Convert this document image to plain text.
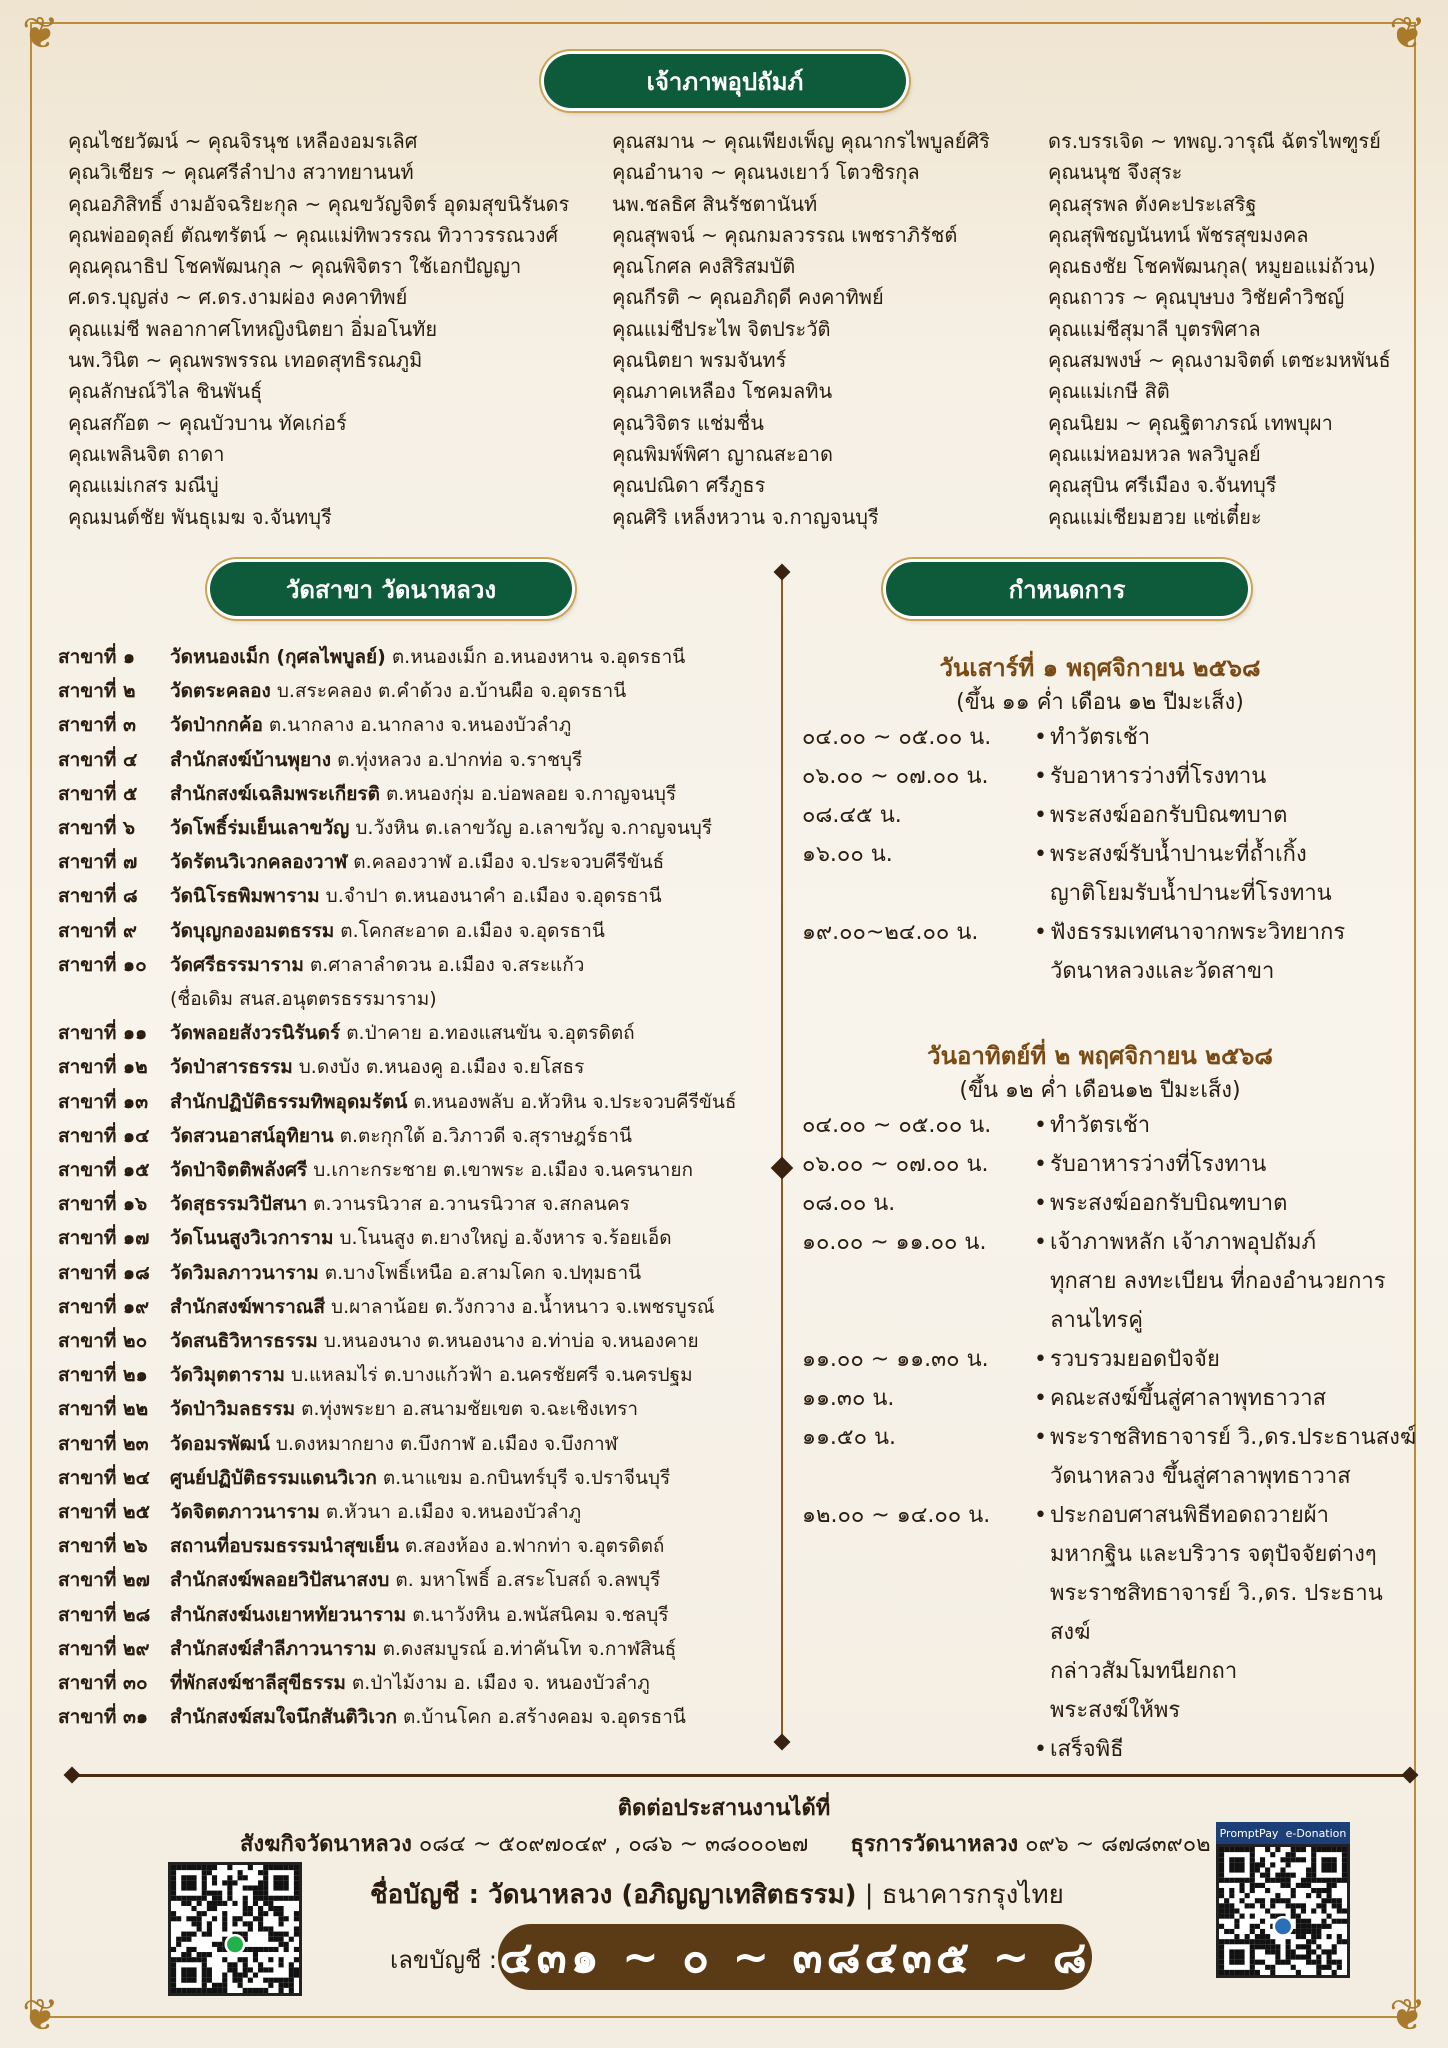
❦	❦
❦	❦
เจ้าภาพอุปถัมภ์
คุณไชยวัฒน์ ~ คุณจิรนุช เหลืองอมรเลิศ
คุณวิเชียร ~ คุณศรีลำปาง สวาทยานนท์
คุณอภิสิทธิ์ งามอัจฉริยะกุล ~ คุณขวัญจิตร์ อุดมสุขนิรันดร
คุณพ่ออดุลย์ ตัณฑรัตน์ ~ คุณแม่ทิพวรรณ ทิวาวรรณวงศ์
คุณคุณาธิป โชคพัฒนกุล ~ คุณพิจิตรา ใช้เอกปัญญา
ศ.ดร.บุญส่ง ~ ศ.ดร.งามผ่อง คงคาทิพย์
คุณแม่ชี พลอากาศโทหญิงนิตยา อิ่มอโนทัย
นพ.วินิต ~ คุณพรพรรณ เทอดสุทธิรณภูมิ
คุณลักษณ์วิไล ชินพันธุ์
คุณสก๊อต ~ คุณบัวบาน ทัคเก่อร์
คุณเพลินจิต ถาดา
คุณแม่เกสร มณีบู่
คุณมนต์ชัย พันธุเมฆ จ.จันทบุรี
คุณสมาน ~ คุณเพียงเพ็ญ คุณากรไพบูลย์ศิริ
คุณอำนาจ ~ คุณนงเยาว์ โตวชิรกุล
นพ.ชลธิศ สินรัชตานันท์
คุณสุพจน์ ~ คุณกมลวรรณ เพชราภิรัชต์
คุณโกศล คงสิริสมบัติ
คุณกีรติ ~ คุณอภิฤดี คงคาทิพย์
คุณแม่ชีประไพ จิตประวัติ
คุณนิตยา พรมจันทร์
คุณภาคเหลือง โชคมลทิน
คุณวิจิตร แช่มชื่น
คุณพิมพ์พิศา ญาณสะอาด
คุณปณิดา ศรีภูธร
คุณศิริ เหล็งหวาน จ.กาญจนบุรี
ดร.บรรเจิด ~ ทพญ.วารุณี ฉัตรไพฑูรย์
คุณนนุช จึงสุระ
คุณสุรพล ตังคะประเสริฐ
คุณสุพิชญนันทน์ พัชรสุขมงคล
คุณธงชัย โชคพัฒนกุล( หมูยอแม่ถ้วน)
คุณถาวร ~ คุณบุษบง วิชัยคำวิชญ์
คุณแม่ชีสุมาลี บุตรพิศาล
คุณสมพงษ์ ~ คุณงามจิตต์ เตชะมหพันธ์
คุณแม่เกษี สิติ
คุณนิยม ~ คุณฐิตาภรณ์ เทพบุผา
คุณแม่หอมหวล พลวิบูลย์
คุณสุบิน ศรีเมือง จ.จันทบุรี
คุณแม่เชียมฮวย แซ่เตี๋ยะ
วัดสาขา วัดนาหลวง
สาขาที่ ๑	วัดหนองเม็ก (กุศลไพบูลย์) ต.หนองเม็ก อ.หนองหาน จ.อุดรธานี
สาขาที่ ๒	วัดตระคลอง บ.สระคลอง ต.คำด้วง อ.บ้านผือ จ.อุดรธานี
สาขาที่ ๓	วัดป่ากกค้อ ต.นากลาง อ.นากลาง จ.หนองบัวลำภู
สาขาที่ ๔	สำนักสงฆ์บ้านพุยาง ต.ทุ่งหลวง อ.ปากท่อ จ.ราชบุรี
สาขาที่ ๕	สำนักสงฆ์เฉลิมพระเกียรติ ต.หนองกุ่ม อ.บ่อพลอย จ.กาญจนบุรี
สาขาที่ ๖	วัดโพธิ์ร่มเย็นเลาขวัญ บ.วังหิน ต.เลาขวัญ อ.เลาขวัญ จ.กาญจนบุรี
สาขาที่ ๗	วัดรัตนวิเวกคลองวาฬ ต.คลองวาฬ อ.เมือง จ.ประจวบคีรีขันธ์
สาขาที่ ๘	วัดนิโรธพิมพาราม บ.จำปา ต.หนองนาคำ อ.เมือง จ.อุดรธานี
สาขาที่ ๙	วัดบุญกองอมตธรรม ต.โคกสะอาด อ.เมือง จ.อุดรธานี
สาขาที่ ๑๐	วัดศรีธรรมาราม ต.ศาลาลำดวน อ.เมือง จ.สระแก้ว
(ชื่อเดิม สนส.อนุตตรธรรมาราม)
สาขาที่ ๑๑	วัดพลอยสังวรนิรันดร์ ต.ป่าคาย อ.ทองแสนขัน จ.อุตรดิตถ์
สาขาที่ ๑๒	วัดป่าสารธรรม บ.ดงบัง ต.หนองคู อ.เมือง จ.ยโสธร
สาขาที่ ๑๓	สำนักปฏิบัติธรรมทิพอุดมรัตน์ ต.หนองพลับ อ.หัวหิน จ.ประจวบคีรีขันธ์
สาขาที่ ๑๔	วัดสวนอาสน์อุทิยาน ต.ตะกุกใต้ อ.วิภาวดี จ.สุราษฎร์ธานี
สาขาที่ ๑๕	วัดป่าจิตติพลังศรี บ.เกาะกระชาย ต.เขาพระ อ.เมือง จ.นครนายก
สาขาที่ ๑๖	วัดสุธรรมวิปัสนา ต.วานรนิวาส อ.วานรนิวาส จ.สกลนคร
สาขาที่ ๑๗	วัดโนนสูงวิเวการาม บ.โนนสูง ต.ยางใหญ่ อ.จังหาร จ.ร้อยเอ็ด
สาขาที่ ๑๘	วัดวิมลภาวนาราม ต.บางโพธิ์เหนือ อ.สามโคก จ.ปทุมธานี
สาขาที่ ๑๙	สำนักสงฆ์พาราณสี บ.ผาลาน้อย ต.วังกวาง อ.น้ำหนาว จ.เพชรบูรณ์
สาขาที่ ๒๐	วัดสนธิวิหารธรรม บ.หนองนาง ต.หนองนาง อ.ท่าบ่อ จ.หนองคาย
สาขาที่ ๒๑	วัดวิมุตตาราม บ.แหลมไร่ ต.บางแก้วฟ้า อ.นครชัยศรี จ.นครปฐม
สาขาที่ ๒๒	วัดป่าวิมลธรรม ต.ทุ่งพระยา อ.สนามชัยเขต จ.ฉะเชิงเทรา
สาขาที่ ๒๓	วัดอมรพัฒน์ บ.ดงหมากยาง ต.บึงกาฬ อ.เมือง จ.บึงกาฬ
สาขาที่ ๒๔	ศูนย์ปฏิบัติธรรมแดนวิเวก ต.นาแขม อ.กบินทร์บุรี จ.ปราจีนบุรี
สาขาที่ ๒๕	วัดจิตตภาวนาราม ต.หัวนา อ.เมือง จ.หนองบัวลำภู
สาขาที่ ๒๖	สถานที่อบรมธรรมนำสุขเย็น ต.สองห้อง อ.ฟากท่า จ.อุตรดิตถ์
สาขาที่ ๒๗	สำนักสงฆ์พลอยวิปัสนาสงบ ต. มหาโพธิ์ อ.สระโบสถ์ จ.ลพบุรี
สาขาที่ ๒๘	สำนักสงฆ์นงเยาหทัยวนาราม ต.นาวังหิน อ.พนัสนิคม จ.ชลบุรี
สาขาที่ ๒๙	สำนักสงฆ์สำลีภาวนาราม ต.ดงสมบูรณ์ อ.ท่าคันโท จ.กาฬสินธุ์
สาขาที่ ๓๐	ที่พักสงฆ์ชาลีสุขีธรรม ต.ป่าไม้งาม อ. เมือง จ. หนองบัวลำภู
สาขาที่ ๓๑	สำนักสงฆ์สมใจนึกสันติวิเวก ต.บ้านโคก อ.สร้างคอม จ.อุดรธานี
กำหนดการ
วันเสาร์ที่ ๑ พฤศจิกายน ๒๕๖๘
(ขึ้น ๑๑ ค่ำ เดือน ๑๒ ปีมะเส็ง)
๐๔.๐๐ ~ ๐๕.๐๐ น.	• ทำวัตรเช้า
๐๖.๐๐ ~ ๐๗.๐๐ น.	• รับอาหารว่างที่โรงทาน
๐๘.๔๕ น.	• พระสงฆ์ออกรับบิณฑบาต
๑๖.๐๐ น.	• พระสงฆ์รับน้ำปานะที่ถ้ำเกิ้ง
ญาติโยมรับน้ำปานะที่โรงทาน
๑๙.๐๐~๒๔.๐๐ น.	• ฟังธรรมเทศนาจากพระวิทยากร
วัดนาหลวงและวัดสาขา
วันอาทิตย์ที่ ๒ พฤศจิกายน ๒๕๖๘
(ขึ้น ๑๒ ค่ำ เดือน๑๒ ปีมะเส็ง)
๐๔.๐๐ ~ ๐๕.๐๐ น.	• ทำวัตรเช้า
๐๖.๐๐ ~ ๐๗.๐๐ น.	• รับอาหารว่างที่โรงทาน
๐๘.๐๐ น.	• พระสงฆ์ออกรับบิณฑบาต
๑๐.๐๐ ~ ๑๑.๐๐ น.	• เจ้าภาพหลัก เจ้าภาพอุปถัมภ์
ทุกสาย ลงทะเบียน ที่กองอำนวยการ
ลานไทรคู่
๑๑.๐๐ ~ ๑๑.๓๐ น.	• รวบรวมยอดปัจจัย
๑๑.๓๐ น.	• คณะสงฆ์ขึ้นสู่ศาลาพุทธาวาส
๑๑.๕๐ น.	• พระราชสิทธาจารย์ วิ.,ดร.ประธานสงฆ์
วัดนาหลวง ขึ้นสู่ศาลาพุทธาวาส
๑๒.๐๐ ~ ๑๔.๐๐ น.	• ประกอบศาสนพิธีทอดถวายผ้า
มหากฐิน และบริวาร จตุปัจจัยต่างๆ
พระราชสิทธาจารย์ วิ.,ดร. ประธานสงฆ์
กล่าวสัมโมทนียกถา
พระสงฆ์ให้พร
• เสร็จพิธี
ติดต่อประสานงานได้ที่
สังฆกิจวัดนาหลวง ๐๘๔ ~ ๕๐๙๗๐๔๙ , ๐๘๖ ~ ๓๘๐๐๐๒๗ ธุรการวัดนาหลวง ๐๙๖ ~ ๘๗๘๓๙๐๒
ชื่อบัญชี : วัดนาหลวง (อภิญญาเทสิตธรรม) | ธนาคารกรุงไทย
เลขบัญชี : ๔๓๑ ~ ๐ ~ ๓๘๔๓๕ ~ ๘
PromptPay e-Donation
